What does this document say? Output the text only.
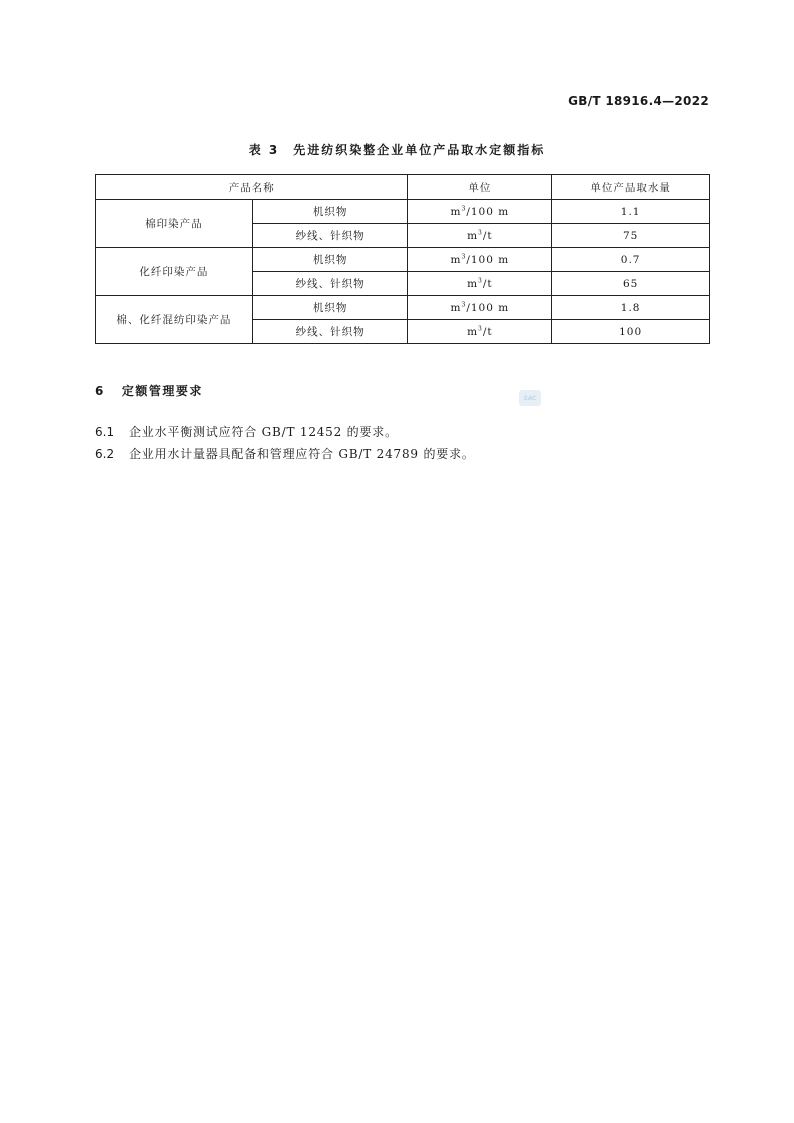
GB/T 18916.4—2022
表 3 先进纺织染整企业单位产品取水定额指标
产品名称		单位	单位产品取水量
棉印染产品	机织物	$m^3/100$ m	1.1
	纱线、针织物	$m^3/t$	75
化纤印染产品	机织物	$m^3/100$ m	0.7
	纱线、针织物	$m^3/t$	65
棉、化纤混纺印染产品	机织物	$m^3/100$ m	1.8
	纱线、针织物	$m^3/t$	100
6 定额管理要求	SAC
6.1 企业水平衡测试应符合 GB/T 12452 的要求。
6.2 企业用水计量器具配备和管理应符合 GB/T 24789 的要求。
